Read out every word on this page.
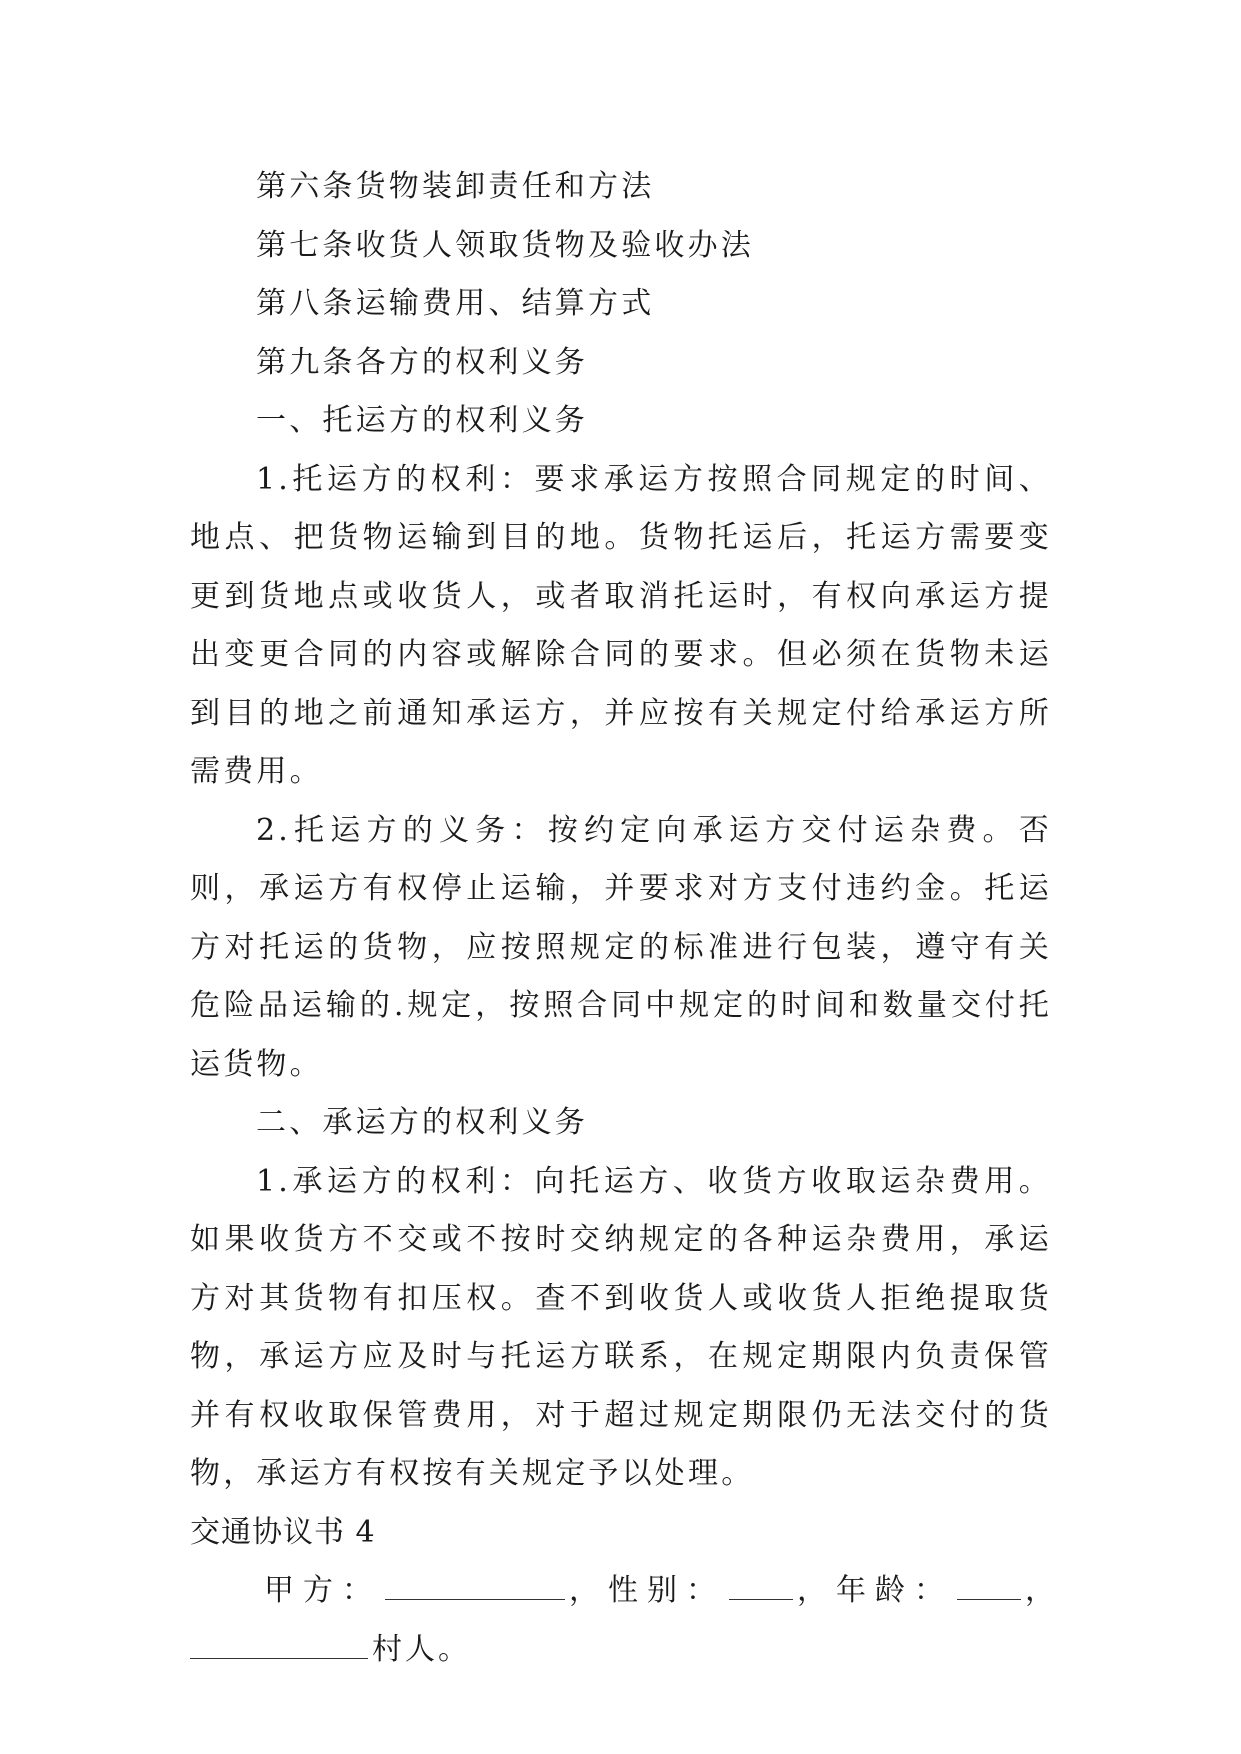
第六条货物装卸责任和方法

第七条收货人领取货物及验收办法

第八条运输费用、结算方式

第九条各方的权利义务

一、托运方的权利义务

1.托运方的权利：要求承运方按照合同规定的时间、地点、把货物运输到目的地。货物托运后，托运方需要变更到货地点或收货人，或者取消托运时，有权向承运方提出变更合同的内容或解除合同的要求。但必须在货物未运到目的地之前通知承运方，并应按有关规定付给承运方所需费用。

2.托运方的义务：按约定向承运方交付运杂费。否则，承运方有权停止运输，并要求对方支付违约金。托运方对托运的货物，应按照规定的标准进行包装，遵守有关危险品运输的.规定，按照合同中规定的时间和数量交付托运货物。

二、承运方的权利义务

1.承运方的权利：向托运方、收货方收取运杂费用。如果收货方不交或不按时交纳规定的各种运杂费用，承运方对其货物有扣压权。查不到收货人或收货人拒绝提取货物，承运方应及时与托运方联系，在规定期限内负责保管并有权收取保管费用，对于超过规定期限仍无法交付的货物，承运方有权按有关规定予以处理。

交通协议书 4

甲方：	，性别： ，年龄： ，

村人。
